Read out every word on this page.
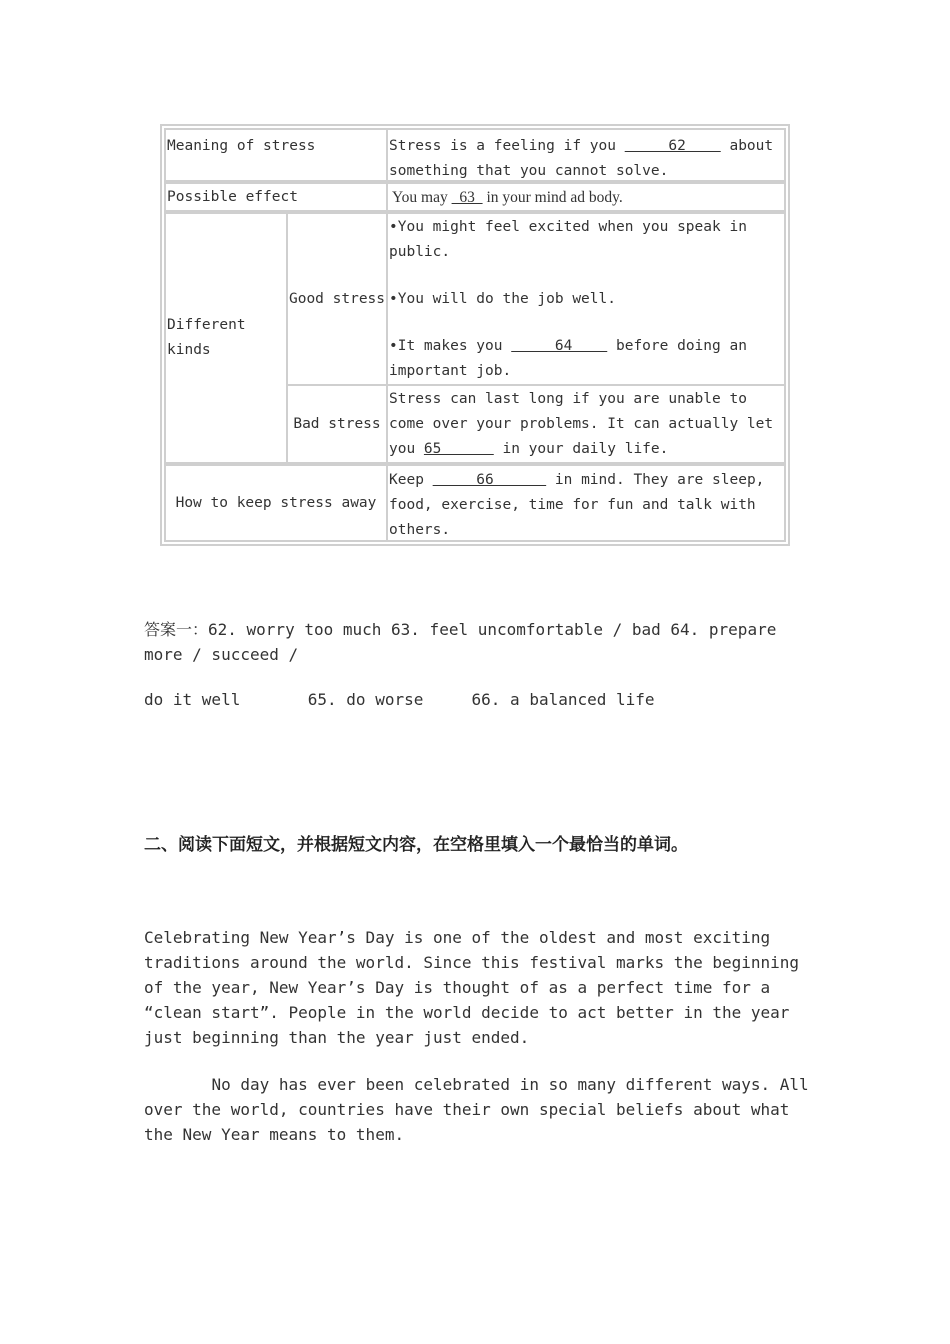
Meaning of stress	Stress is a feeling if you      62     about something that you cannot solve.
Possible effect	You may   63   in your mind ad body.
Different kinds
Good stress
•You might feel excited when you speak in public.
•You will do the job well.
•It makes you      64     before doing an important job.
Bad stress
Stress can last long if you are unable to come over your problems. It can actually let you 65       in your daily life.
How to keep stress away
Keep      66       in mind. They are sleep, food, exercise, time for fun and talk with others.
答案一：62. worry too much 63. feel uncomfortable / bad 64. prepare more / succeed /
do it well       65. do worse     66. a balanced life
二、阅读下面短文，并根据短文内容，在空格里填入一个最恰当的单词。
Celebrating New Year’s Day is one of the oldest and most exciting traditions around the world. Since this festival marks the beginning of the year, New Year’s Day is thought of as a perfect time for a “clean start”. People in the world decide to act better in the year just beginning than the year just ended.
No day has ever been celebrated in so many different ways. All over the world, countries have their own special beliefs about what the New Year means to them.
